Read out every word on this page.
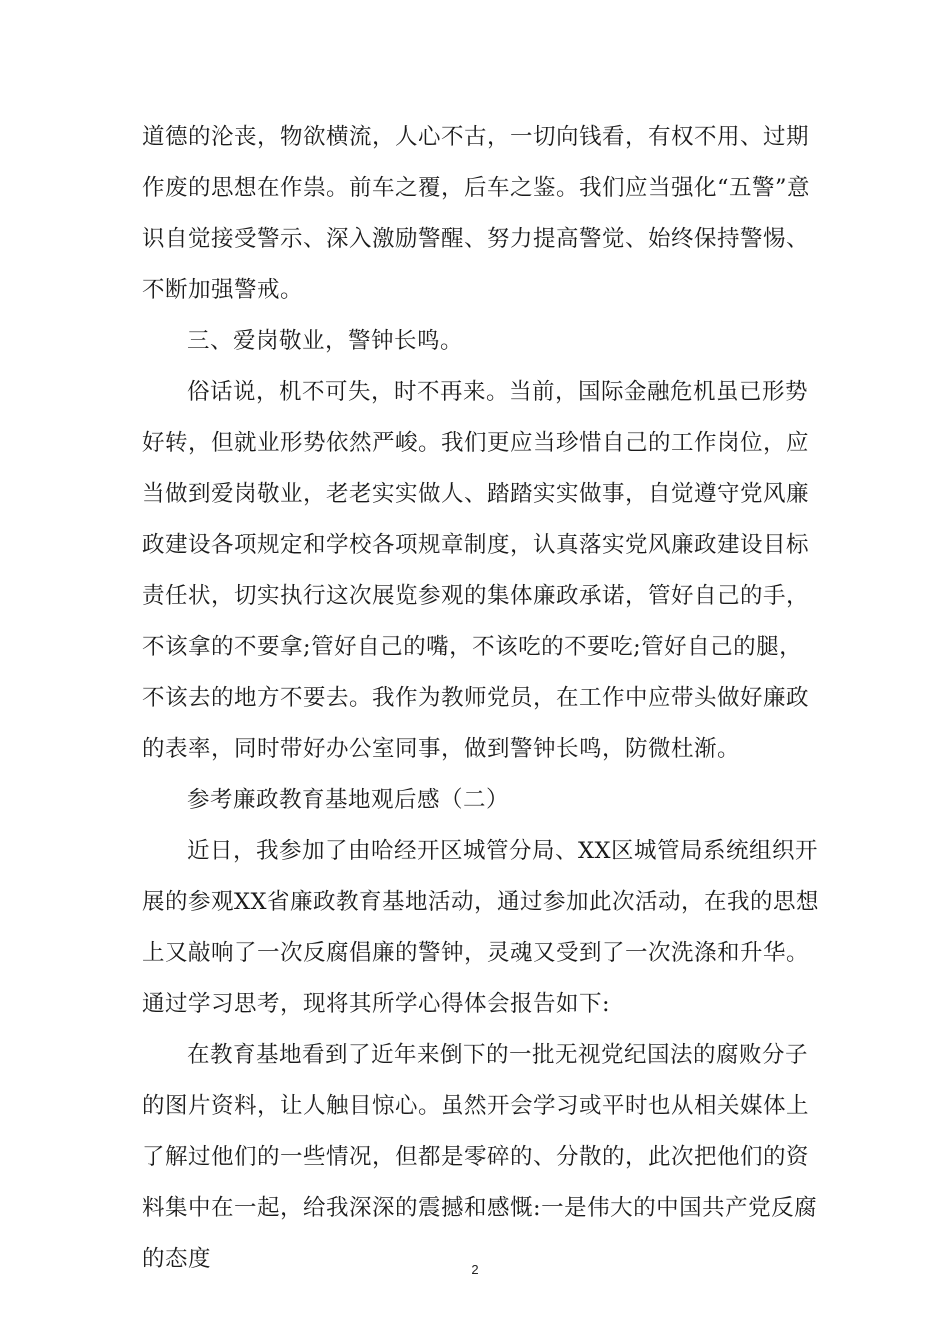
道德的沦丧，物欲横流，人心不古，一切向钱看，有权不用、过期作废的思想在作祟。前车之覆，后车之鉴。我们应当强化“五警”意识自觉接受警示、深入激励警醒、努力提高警觉、始终保持警惕、不断加强警戒。

三、爱岗敬业，警钟长鸣。

俗话说，机不可失，时不再来。当前，国际金融危机虽已形势好转，但就业形势依然严峻。我们更应当珍惜自己的工作岗位，应当做到爱岗敬业，老老实实做人、踏踏实实做事，自觉遵守党风廉政建设各项规定和学校各项规章制度，认真落实党风廉政建设目标责任状，切实执行这次展览参观的集体廉政承诺，管好自己的手，不该拿的不要拿;管好自己的嘴，不该吃的不要吃;管好自己的腿，不该去的地方不要去。我作为教师党员，在工作中应带头做好廉政的表率，同时带好办公室同事，做到警钟长鸣，防微杜渐。

参考廉政教育基地观后感（二）

近日，我参加了由哈经开区城管分局、XX区城管局系统组织开展的参观XX省廉政教育基地活动，通过参加此次活动，在我的思想上又敲响了一次反腐倡廉的警钟，灵魂又受到了一次洗涤和升华。通过学习思考，现将其所学心得体会报告如下:

在教育基地看到了近年来倒下的一批无视党纪国法的腐败分子的图片资料，让人触目惊心。虽然开会学习或平时也从相关媒体上了解过他们的一些情况，但都是零碎的、分散的，此次把他们的资料集中在一起，给我深深的震撼和感慨:一是伟大的中国共产党反腐的态度	2
